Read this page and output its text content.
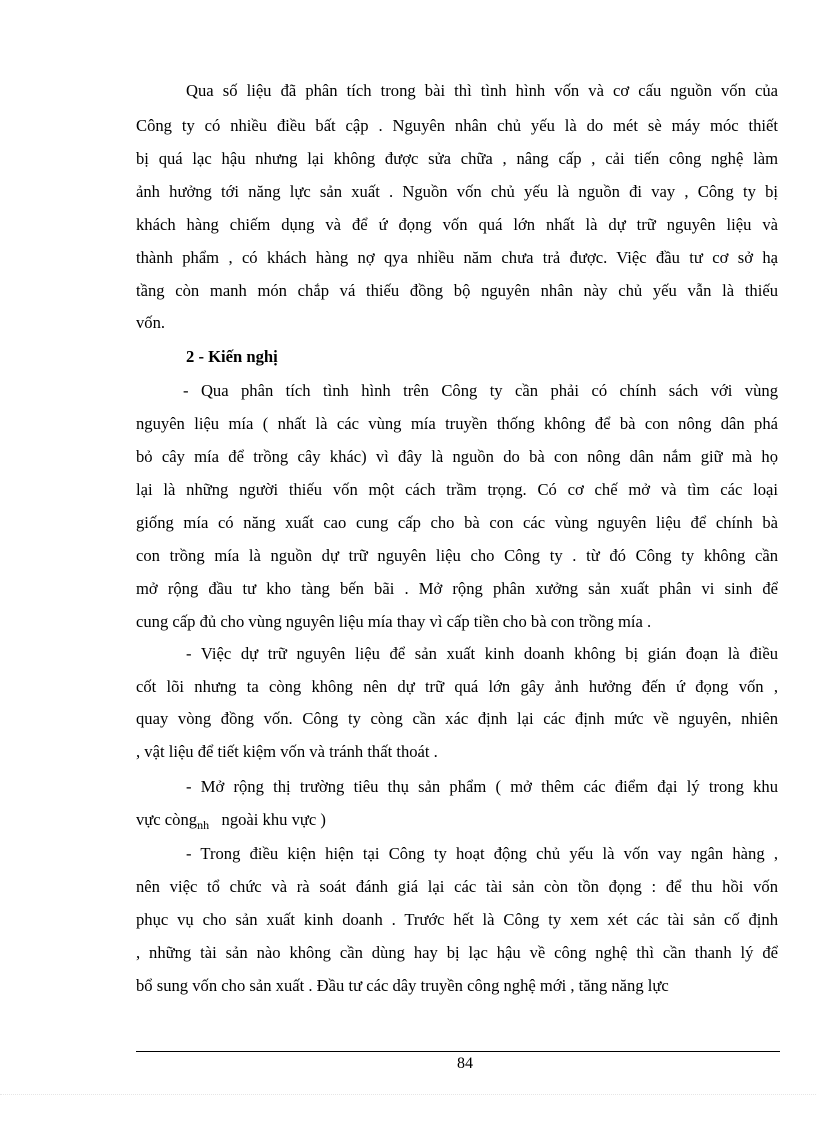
Qua số liệu đã phân tích trong bài thì tình hình vốn và cơ cấu nguồn vốn của
Công ty có nhiều điều bất cập . Nguyên nhân chủ yếu là do mét sè máy móc thiết
bị quá lạc hậu nhưng lại không được sửa chữa , nâng cấp , cải tiến công nghệ làm
ảnh hưởng tới năng lực sản xuất . Nguồn vốn chủ yếu là nguồn đi vay , Công ty bị
khách hàng chiếm dụng và để ứ đọng vốn quá lớn nhất là dự trữ nguyên liệu và
thành phẩm , có khách hàng nợ qya nhiều năm chưa trả được. Việc đầu tư cơ sở hạ
tầng còn manh món chắp vá thiếu đồng bộ nguyên nhân này chủ yếu vẫn là thiếu
vốn.
2 - Kiến nghị
- Qua phân tích tình hình trên Công ty cần phải có chính sách với vùng
nguyên liệu mía ( nhất là các vùng mía truyền thống không để bà con nông dân phá
bỏ cây mía để trồng cây khác) vì đây là nguồn do bà con nông dân nắm giữ mà họ
lại là những người thiếu vốn một cách trầm trọng. Có cơ chế mở và tìm các loại
giống mía có năng xuất cao cung cấp cho bà con các vùng nguyên liệu để chính bà
con trồng mía là nguồn dự trữ nguyên liệu cho Công ty . từ đó Công ty không cần
mở rộng đầu tư kho tàng bến bãi . Mở rộng phân xưởng sản xuất phân vi sinh để
cung cấp đủ cho vùng nguyên liệu mía thay vì cấp tiền cho bà con trồng mía .
- Việc dự trữ nguyên liệu để sản xuất kinh doanh không bị gián đoạn là điều
cốt lõi nhưng ta còng không nên dự trữ quá lớn gây ảnh hưởng đến ứ đọng vốn ,
quay vòng đồng vốn. Công ty còng cần xác định lại các định mức về nguyên, nhiên
, vật liệu để tiết kiệm vốn và tránh thất thoát .
- Mở rộng thị trường tiêu thụ sản phẩm ( mở thêm các điểm đại lý trong khu
vực còng$_{nh}$ ngoài khu vực )
- Trong điều kiện hiện tại Công ty hoạt động chủ yếu là vốn vay ngân hàng ,
nên việc tổ chức và rà soát đánh giá lại các tài sản còn tồn đọng : để thu hồi vốn
phục vụ cho sản xuất kinh doanh . Trước hết là Công ty xem xét các tài sản cố định
, những tài sản nào không cần dùng hay bị lạc hậu về công nghệ thì cần thanh lý để
bổ sung vốn cho sản xuất . Đầu tư các dây truyền công nghệ mới , tăng năng lực
84
